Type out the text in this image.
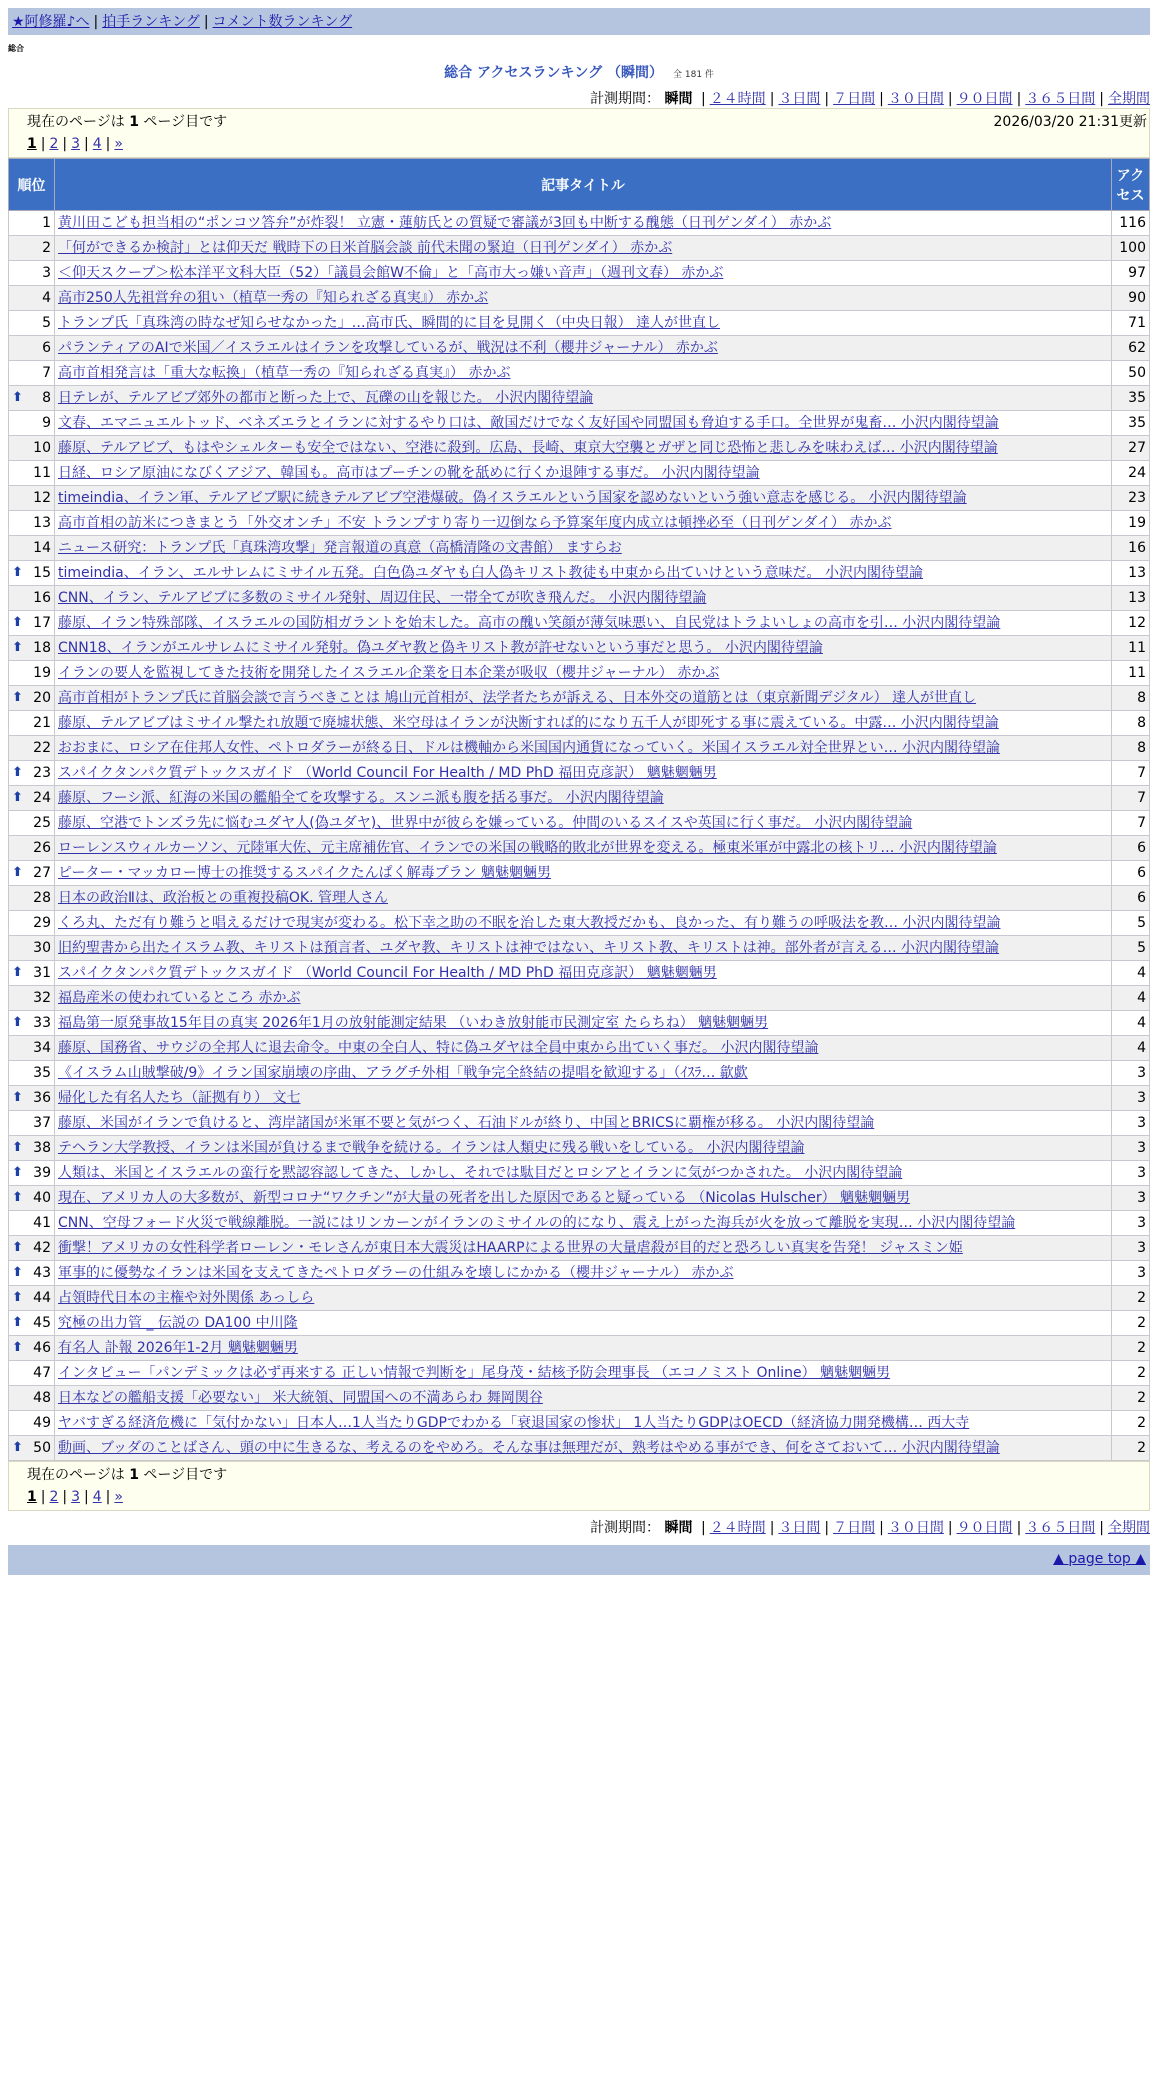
★阿修羅♪へ | 拍手ランキング | コメント数ランキング
総合
総合 アクセスランキング （瞬間） 全 181 件
計測期間： 瞬間 | ２４時間 | ３日間 | ７日間 | ３０日間 | ９０日間 | ３６５日間 | 全期間
現在のページは 1 ページ目です	2026/03/20 21:31更新
1 | 2 | 3 | 4 | »
順位	記事タイトル	アクセス
1	黄川田こども担当相の“ポンコツ答弁”が炸裂！ 立憲・蓮舫氏との質疑で審議が3回も中断する醜態（日刊ゲンダイ） 赤かぶ	116
2	「何ができるか検討」とは仰天だ 戦時下の日米首脳会談 前代未聞の緊迫（日刊ゲンダイ） 赤かぶ	100
3	＜仰天スクープ＞松本洋平文科大臣（52）「議員会館W不倫」と「高市大っ嫌い音声」（週刊文春） 赤かぶ	97
4	高市250人先祖営弁の狙い（植草一秀の『知られざる真実』） 赤かぶ	90
5	トランプ氏「真珠湾の時なぜ知らせなかった」…高市氏、瞬間的に目を見開く（中央日報） 達人が世直し	71
6	パランティアのAIで米国／イスラエルはイランを攻撃しているが、戦況は不利（櫻井ジャーナル） 赤かぶ	62
7	高市首相発言は「重大な転換」（植草一秀の『知られざる真実』） 赤かぶ	50

⬆ 8	日テレが、テルアビブ郊外の都市と断った上で、瓦礫の山を報じた。 小沢内閣待望論	35
9	文春、エマニュエルトッド、ベネズエラとイランに対するやり口は、敵国だけでなく友好国や同盟国も脅迫する手口。全世界が鬼畜… 小沢内閣待望論	35
10	藤原、テルアビブ、もはやシェルターも安全ではない、空港に殺到。広島、長崎、東京大空襲とガザと同じ恐怖と悲しみを味わえば… 小沢内閣待望論	27
11	日経、ロシア原油になびくアジア、韓国も。高市はプーチンの靴を舐めに行くか退陣する事だ。 小沢内閣待望論	24
12	timeindia、イラン軍、テルアビブ駅に続きテルアビブ空港爆破。偽イスラエルという国家を認めないという強い意志を感じる。 小沢内閣待望論	23
13	高市首相の訪米につきまとう「外交オンチ」不安 トランプすり寄り一辺倒なら予算案年度内成立は頓挫必至（日刊ゲンダイ） 赤かぶ	19
14	ニュース研究：トランプ氏「真珠湾攻撃」発言報道の真意（高橋清隆の文書館） ますらお	16

⬆ 15	timeindia、イラン、エルサレムにミサイル五発。白色偽ユダヤも白人偽キリスト教徒も中東から出ていけという意味だ。 小沢内閣待望論	13
16	CNN、イラン、テルアビブに多数のミサイル発射、周辺住民、一帯全てが吹き飛んだ。 小沢内閣待望論	13

⬆ 17	藤原、イラン特殊部隊、イスラエルの国防相ガラントを始末した。高市の醜い笑顔が薄気味悪い、自民党はトラよいしょの高市を引… 小沢内閣待望論	12

⬆ 18	CNN18、イランがエルサレムにミサイル発射。偽ユダヤ教と偽キリスト教が許せないという事だと思う。 小沢内閣待望論	11
19	イランの要人を監視してきた技術を開発したイスラエル企業を日本企業が吸収（櫻井ジャーナル） 赤かぶ	11

⬆ 20	高市首相がトランプ氏に首脳会談で言うべきことは 鳩山元首相が、法学者たちが訴える、日本外交の道筋とは（東京新聞デジタル） 達人が世直し	8
21	藤原、テルアビブはミサイル撃たれ放題で廃墟状態、米空母はイランが決断すれば的になり五千人が即死する事に震えている。中露… 小沢内閣待望論	8
22	おおまに、ロシア在住邦人女性、ペトロダラーが終る日、ドルは機軸から米国国内通貨になっていく。米国イスラエル対全世界とい… 小沢内閣待望論	8

⬆ 23	スパイクタンパク質デトックスガイド （World Council For Health / MD PhD 福田克彦訳） 魑魅魍魎男	7

⬆ 24	藤原、フーシ派、紅海の米国の艦船全てを攻撃する。スンニ派も腹を括る事だ。 小沢内閣待望論	7
25	藤原、空港でトンズラ先に悩むユダヤ人(偽ユダヤ)、世界中が彼らを嫌っている。仲間のいるスイスや英国に行く事だ。 小沢内閣待望論	7
26	ローレンスウィルカーソン、元陸軍大佐、元主席補佐官、イランでの米国の戦略的敗北が世界を変える。極東米軍が中露北の核トリ… 小沢内閣待望論	6

⬆ 27	ピーター・マッカロー博士の推奨するスパイクたんぱく解毒プラン 魑魅魍魎男	6
28	日本の政治Ⅱは、政治板との重複投稿OK. 管理人さん	6
29	くろ丸、ただ有り難うと唱えるだけで現実が変わる。松下幸之助の不眠を治した東大教授だかも、良かった、有り難うの呼吸法を教… 小沢内閣待望論	5
30	旧約聖書から出たイスラム教、キリストは預言者、ユダヤ教、キリストは神ではない、キリスト教、キリストは神。部外者が言える… 小沢内閣待望論	5

⬆ 31	スパイクタンパク質デトックスガイド （World Council For Health / MD PhD 福田克彦訳） 魑魅魍魎男	4
32	福島産米の使われているところ 赤かぶ	4

⬆ 33	福島第一原発事故15年目の真実 2026年1月の放射能測定結果 （いわき放射能市民測定室 たらちね） 魑魅魍魎男	4
34	藤原、国務省、サウジの全邦人に退去命令。中東の全白人、特に偽ユダヤは全員中東から出ていく事だ。 小沢内閣待望論	4
35	《イスラム山賊撃破/9》イラン国家崩壊の序曲、アラグチ外相「戦争完全終結の提唱を歓迎する」（ｲｽﾗ… 歙歔	3

⬆ 36	帰化した有名人たち（証拠有り） 文七	3
37	藤原、米国がイランで負けると、湾岸諸国が米軍不要と気がつく、石油ドルが終り、中国とBRICSに覇権が移る。 小沢内閣待望論	3

⬆ 38	テヘラン大学教授、イランは米国が負けるまで戦争を続ける。イランは人類史に残る戦いをしている。 小沢内閣待望論	3

⬆ 39	人類は、米国とイスラエルの蛮行を黙認容認してきた、しかし、それでは駄目だとロシアとイランに気がつかされた。 小沢内閣待望論	3

⬆ 40	現在、アメリカ人の大多数が、新型コロナ“ワクチン”が大量の死者を出した原因であると疑っている （Nicolas Hulscher） 魑魅魍魎男	3
41	CNN、空母フォード火災で戦線離脱。一説にはリンカーンがイランのミサイルの的になり、震え上がった海兵が火を放って離脱を実現… 小沢内閣待望論	3

⬆ 42	衝撃！アメリカの女性科学者ローレン・モレさんが東日本大震災はHAARPによる世界の大量虐殺が目的だと恐ろしい真実を告発！ ジャスミン姫	3

⬆ 43	軍事的に優勢なイランは米国を支えてきたペトロダラーの仕組みを壊しにかかる（櫻井ジャーナル） 赤かぶ	3

⬆ 44	占領時代日本の主権や対外関係 あっしら	2

⬆ 45	究極の出力管 _ 伝説の DA100 中川隆	2

⬆ 46	有名人 訃報 2026年1-2月 魑魅魍魎男	2
47	インタビュー「パンデミックは必ず再来する 正しい情報で判断を」尾身茂・結核予防会理事長 （エコノミスト Online） 魑魅魍魎男	2
48	日本などの艦船支援「必要ない」 米大統領、同盟国への不満あらわ 舞岡関谷	2
49	ヤバすぎる経済危機に「気付かない」日本人…1人当たりGDPでわかる「衰退国家の惨状」 1人当たりGDPはOECD（経済協力開発機構… 西大寺	2

⬆ 50	動画、ブッダのことばさん、頭の中に生きるな、考えるのをやめろ。そんな事は無理だが、熟考はやめる事ができ、何をさておいて… 小沢内閣待望論	2
現在のページは 1 ページ目です
1 | 2 | 3 | 4 | »
計測期間： 瞬間 | ２４時間 | ３日間 | ７日間 | ３０日間 | ９０日間 | ３６５日間 | 全期間
▲ page top ▲
